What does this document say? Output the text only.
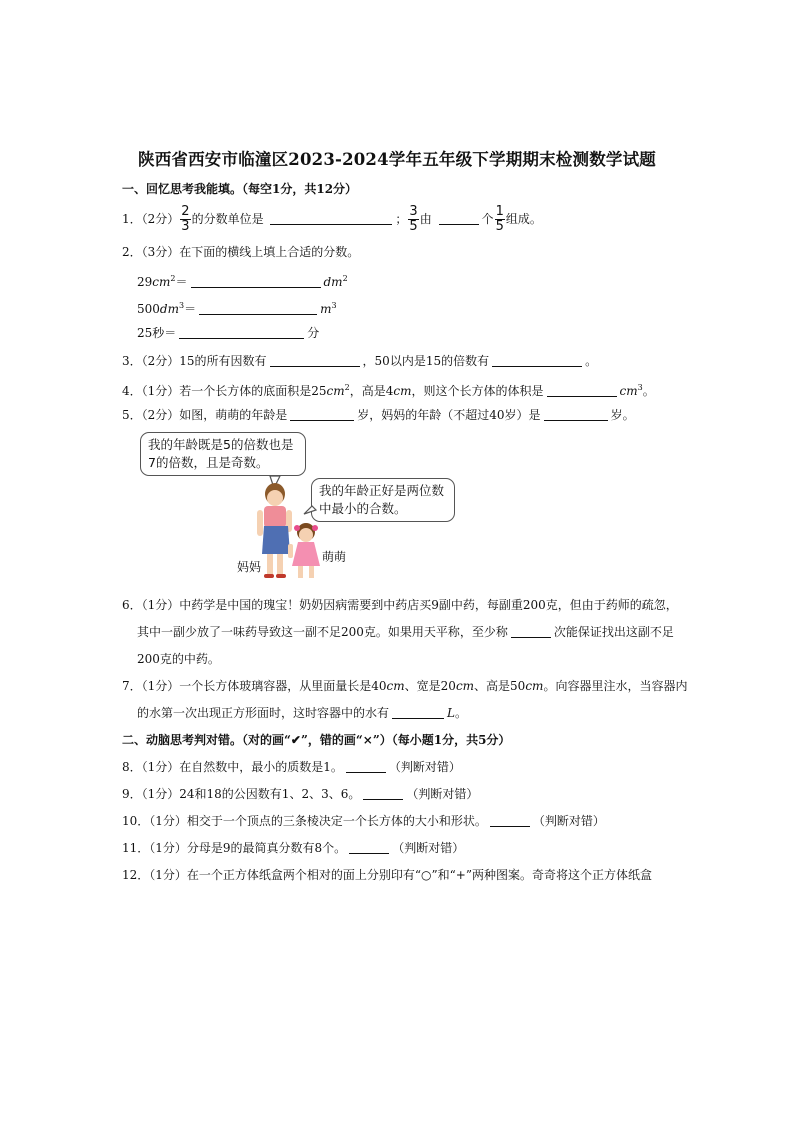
陕西省西安市临潼区2023-2024学年五年级下学期期末检测数学试题
一、回忆思考我能填。（每空1分，共12分）
1．（2分） $\frac{2}{3}$ 的分数单位是	； $\frac{3}{5}$ 由	个 $\frac{1}{5}$ 组成。
2．（3分）在下面的横线上填上合适的分数。
$29cm^2=$	$dm^2$
$500dm^3=$	$m^3$
25秒＝	分
3．（2分）15的所有因数有	，50以内是15的倍数有	。
4．（1分）若一个长方体的底面积是$25cm^2$，高是4cm，则这个长方体的体积是	$cm^3$。
5．（2分）如图，萌萌的年龄是	岁，妈妈的年龄（不超过40岁）是	岁。
我的年龄既是5的倍数也是
7的倍数，且是奇数。
我的年龄正好是两位数
中最小的合数。
妈妈
萌萌
6．（1分）中药学是中国的瑰宝！奶奶因病需要到中药店买9副中药，每副重200克，但由于药师的疏忽，
其中一副少放了一味药导致这一副不足200克。如果用天平称，至少称	次能保证找出这副不足
200克的中药。
7．（1分）一个长方体玻璃容器，从里面量长是40cm、宽是20cm、高是50cm。向容器里注水，当容器内
的水第一次出现正方形面时，这时容器中的水有	L。
二、动脑思考判对错。（对的画“✔”，错的画“×”）（每小题1分，共5分）
8．（1分）在自然数中，最小的质数是1。	（判断对错）
9．（1分）24和18的公因数有1、2、3、6。	（判断对错）
10．（1分）相交于一个顶点的三条棱决定一个长方体的大小和形状。	（判断对错）
11．（1分）分母是9的最简真分数有8个。	（判断对错）
12．（1分）在一个正方体纸盒两个相对的面上分别印有“○”和“+”两种图案。奇奇将这个正方体纸盒
